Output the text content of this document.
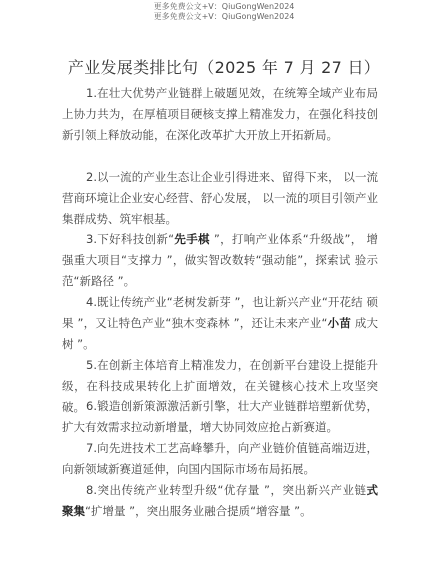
更多免费公文+V：QiuGongWen2024
更多免费公文+V：QiuGongWen2024
产业发展类排比句（2025 年 7 月 27 日）
1.在壮大优势产业链群上破题见效，在统筹全域产业布局上协力共为，在厚植项目硬核支撑上精准发力，在强化科技创新引领上释放动能，在深化改革扩大开放上开拓新局。
2.以一流的产业生态让企业引得进来、留得下来， 以一流 营商环境让企业安心经营、舒心发展， 以一流的项目引领产业 集群成势、筑牢根基。
3.下好科技创新“先手棋 ”，打响产业体系“升级战”， 增强重大项目“支撑力 ”，做实智改数转“强动能”，探索试 验示范“新路径 ”。
4.既让传统产业“老树发新芽 ”，也让新兴产业“开花结 硕果 ”，又让特色产业“独木变森林 ”，还让未来产业“小苗 成大树 ”。
5.在创新主体培育上精准发力，在创新平台建设上提能升级，在科技成果转化上扩面增效，在关键核心技术上攻坚突破。 6.锻造创新策源激活新引擎，壮大产业链群培塑新优势，扩大有效需求拉动新增量，增大协同效应抢占新赛道。
7.向先进技术工艺高峰攀升，向产业链价值链高端迈进，向新领域新赛道延伸，向国内国际市场布局拓展。
8.突出传统产业转型升级“优存量 ”，突出新兴产业链式 聚集“扩增量 ”，突出服务业融合提质“增容量 ”。
